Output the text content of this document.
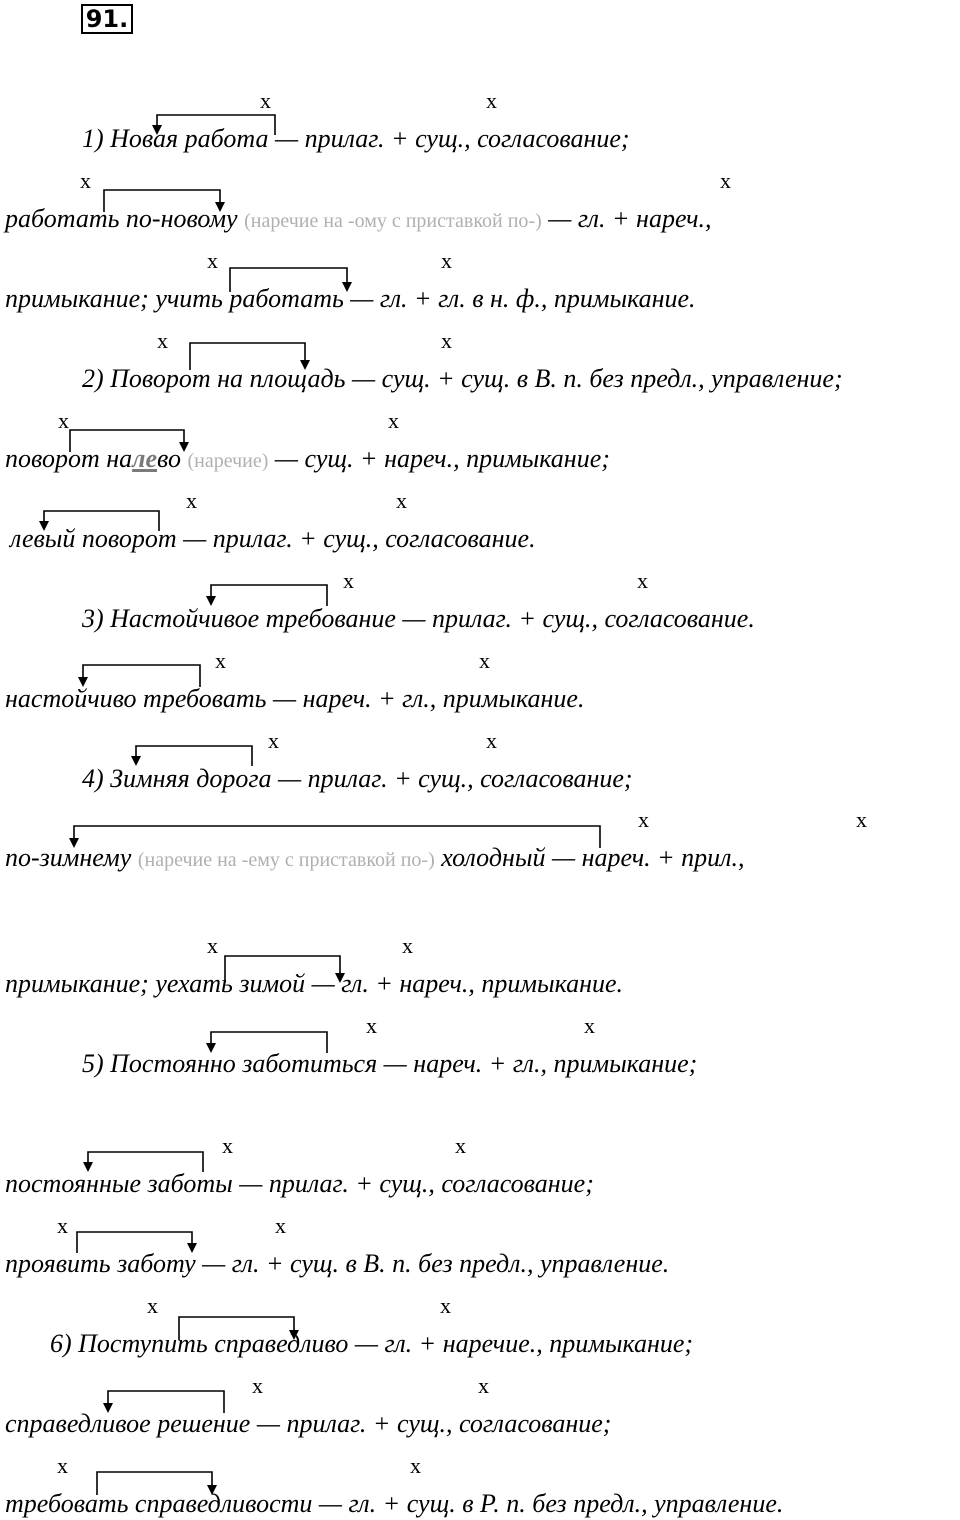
91.
1) Новая работа — прилаг. + сущ., согласование;
работать по-новому (наречие на -ому с приставкой по-) — гл. + нареч.,
примыкание; учить работать — гл. + гл. в н. ф., примыкание.
2) Поворот на площадь — сущ. + сущ. в В. п. без предл., управление;
поворот налево (наречие) — сущ. + нареч., примыкание;
левый поворот — прилаг. + сущ., согласование.
3) Настойчивое требование — прилаг. + сущ., согласование.
настойчиво требовать — нареч. + гл., примыкание.
4) Зимняя дорога — прилаг. + сущ., согласование;
по-зимнему (наречие на -ему с приставкой по-) холодный — нареч. + прил.,
примыкание; уехать зимой — гл. + нареч., примыкание.
5) Постоянно заботиться — нареч. + гл., примыкание;
постоянные заботы — прилаг. + сущ., согласование;
проявить заботу — гл. + сущ. в В. п. без предл., управление.
6) Поступить справедливо — гл. + наречие., примыкание;
справедливое решение — прилаг. + сущ., согласование;
требовать справедливости — гл. + сущ. в Р. п. без предл., управление.
x	x
x	x
x	x
x	x
x	x
x	x
x	x
x	x
x	x
x	x
x	x
x	x
x	x
x	x
x	x
x	x
x	x
